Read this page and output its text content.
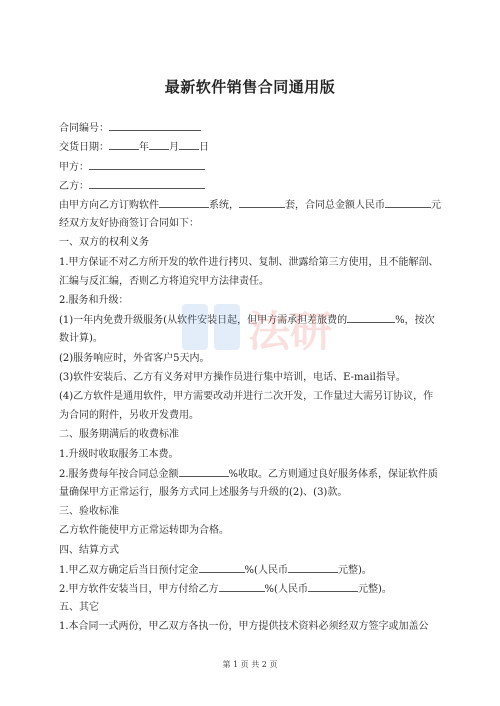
最新软件销售合同通用版
合同编号：
交货日期：	年 月 日
甲方：
乙方：
由甲方向乙方订购软件	系统，	套，合同总金额人民币	元
经双方友好协商签订合同如下：
一、双方的权利义务
1.甲方保证不对乙方所开发的软件进行拷贝、复制、泄露给第三方使用，且不能解剖、
汇编与反汇编，否则乙方将追究甲方法律责任。
2.服务和升级：
(1)一年内免费升级服务(从软件安装日起，但甲方需承担差旅费的	%，按次
数计算)。
(2)服务响应时，外省客户5天内。
(3)软件安装后、乙方有义务对甲方操作员进行集中培训，电话、E-mail指导。
(4)乙方软件是通用软件，甲方需要改动并进行二次开发，工作量过大需另订协议，作
为合同的附件，另收开发费用。
二、服务期满后的收费标准
1.升级时收取服务工本费。
2.服务费每年按合同总金额	%收取。乙方则通过良好服务体系，保证软件质
量确保甲方正常运行，服务方式同上述服务与升级的(2)、(3)款。
三、验收标准
乙方软件能使甲方正常运转即为合格。
四、结算方式
1.甲乙双方确定后当日预付定金	%(人民币	元整)。
2.甲方软件安装当日，甲方付给乙方	%(人民币	元整)。
五、其它
1.本合同一式两份，甲乙双方各执一份，甲方提供技术资料必须经双方签字或加盖公
法研
第 1 页 共 2 页
